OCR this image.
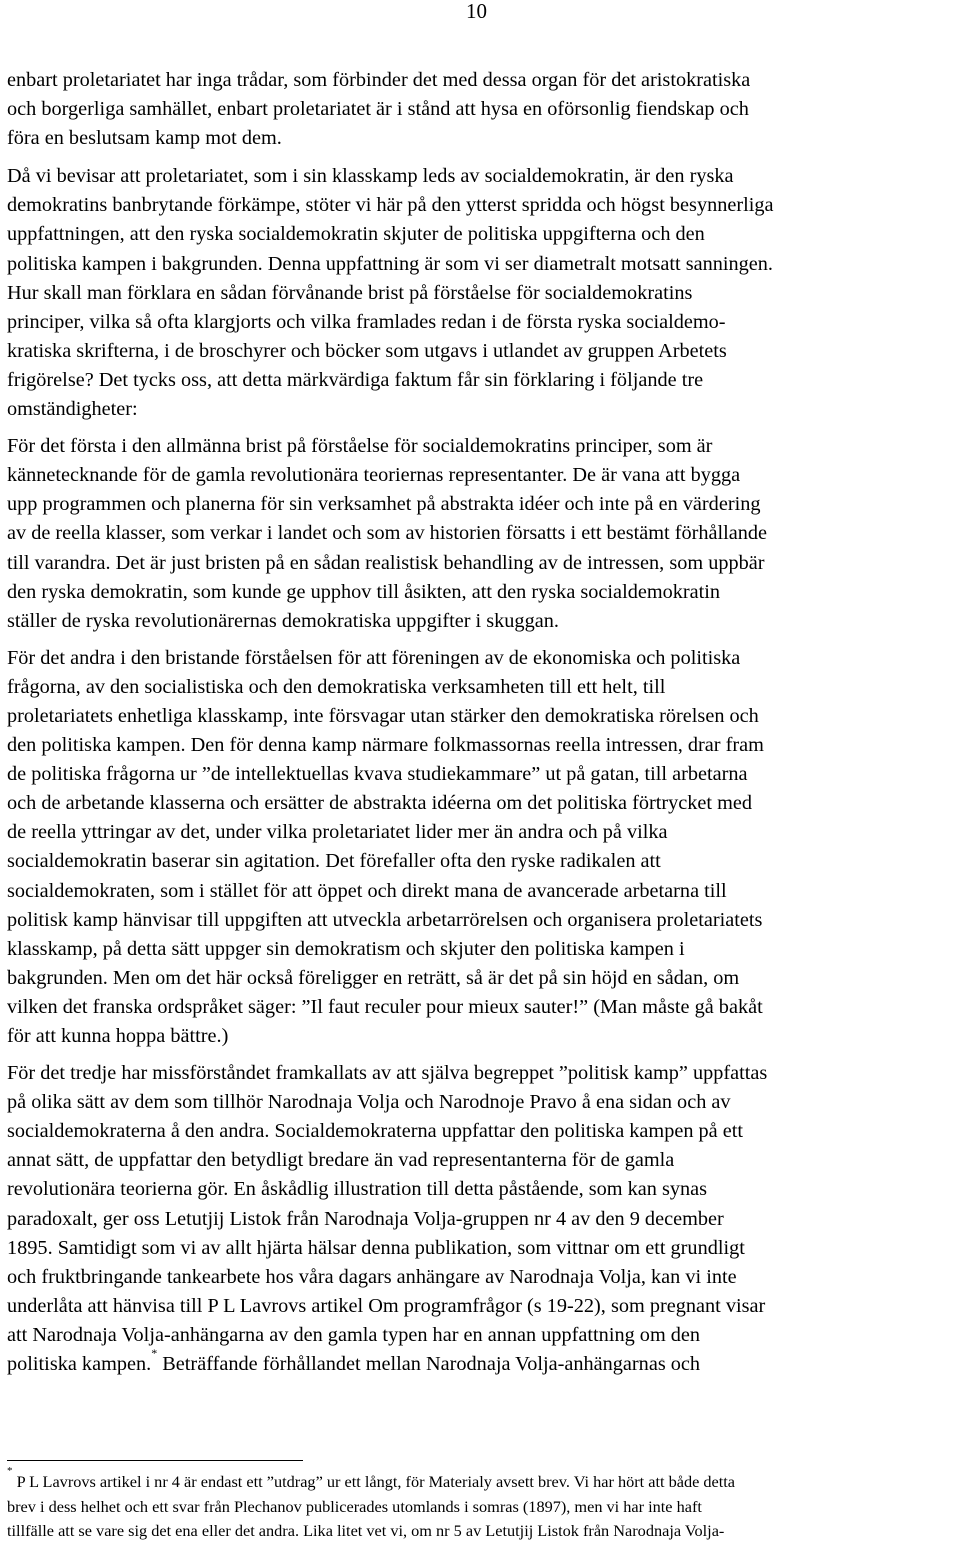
10

enbart proletariatet har inga trådar, som förbinder det med dessa organ för det aristokratiska

och borgerliga samhället, enbart proletariatet är i stånd att hysa en oförsonlig fiendskap och

föra en beslutsam kamp mot dem.

Då vi bevisar att proletariatet, som i sin klasskamp leds av socialdemokratin, är den ryska

demokratins banbrytande förkämpe, stöter vi här på den ytterst spridda och högst besynnerliga

uppfattningen, att den ryska socialdemokratin skjuter de politiska uppgifterna och den

politiska kampen i bakgrunden. Denna uppfattning är som vi ser diametralt motsatt sanningen.

Hur skall man förklara en sådan förvånande brist på förståelse för socialdemokratins

principer, vilka så ofta klargjorts och vilka framlades redan i de första ryska socialdemo-

kratiska skrifterna, i de broschyrer och böcker som utgavs i utlandet av gruppen Arbetets

frigörelse? Det tycks oss, att detta märkvärdiga faktum får sin förklaring i följande tre

omständigheter:

För det första i den allmänna brist på förståelse för socialdemokratins principer, som är

kännetecknande för de gamla revolutionära teoriernas representanter. De är vana att bygga

upp programmen och planerna för sin verksamhet på abstrakta idéer och inte på en värdering

av de reella klasser, som verkar i landet och som av historien försatts i ett bestämt förhållande

till varandra. Det är just bristen på en sådan realistisk behandling av de intressen, som uppbär

den ryska demokratin, som kunde ge upphov till åsikten, att den ryska socialdemokratin

ställer de ryska revolutionärernas demokratiska uppgifter i skuggan.

För det andra i den bristande förståelsen för att föreningen av de ekonomiska och politiska

frågorna, av den socialistiska och den demokratiska verksamheten till ett helt, till

proletariatets enhetliga klasskamp, inte försvagar utan stärker den demokratiska rörelsen och

den politiska kampen. Den för denna kamp närmare folkmassornas reella intressen, drar fram

de politiska frågorna ur ”de intellektuellas kvava studiekammare” ut på gatan, till arbetarna

och de arbetande klasserna och ersätter de abstrakta idéerna om det politiska förtrycket med

de reella yttringar av det, under vilka proletariatet lider mer än andra och på vilka

socialdemokratin baserar sin agitation. Det förefaller ofta den ryske radikalen att

socialdemokraten, som i stället för att öppet och direkt mana de avancerade arbetarna till

politisk kamp hänvisar till uppgiften att utveckla arbetarrörelsen och organisera proletariatets

klasskamp, på detta sätt uppger sin demokratism och skjuter den politiska kampen i

bakgrunden. Men om det här också föreligger en reträtt, så är det på sin höjd en sådan, om

vilken det franska ordspråket säger: ”Il faut reculer pour mieux sauter!” (Man måste gå bakåt

för att kunna hoppa bättre.)

För det tredje har missförståndet framkallats av att själva begreppet ”politisk kamp” uppfattas

på olika sätt av dem som tillhör Narodnaja Volja och Narodnoje Pravo å ena sidan och av

socialdemokraterna å den andra. Socialdemokraterna uppfattar den politiska kampen på ett

annat sätt, de uppfattar den betydligt bredare än vad representanterna för de gamla

revolutionära teorierna gör. En åskådlig illustration till detta påstående, som kan synas

paradoxalt, ger oss Letutjij Listok från Narodnaja Volja-gruppen nr 4 av den 9 december

1895. Samtidigt som vi av allt hjärta hälsar denna publikation, som vittnar om ett grundligt

och fruktbringande tankearbete hos våra dagars anhängare av Narodnaja Volja, kan vi inte

underlåta att hänvisa till P L Lavrovs artikel Om programfrågor (s 19-22), som pregnant visar

att Narodnaja Volja-anhängarna av den gamla typen har en annan uppfattning om den

politiska kampen.* Beträffande förhållandet mellan Narodnaja Volja-anhängarnas och

* P L Lavrovs artikel i nr 4 är endast ett ”utdrag” ur ett långt, för Materialy avsett brev. Vi har hört att både detta

brev i dess helhet och ett svar från Plechanov publicerades utomlands i somras (1897), men vi har inte haft

tillfälle att se vare sig det ena eller det andra. Lika litet vet vi, om nr 5 av Letutjij Listok från Narodnaja Volja-
